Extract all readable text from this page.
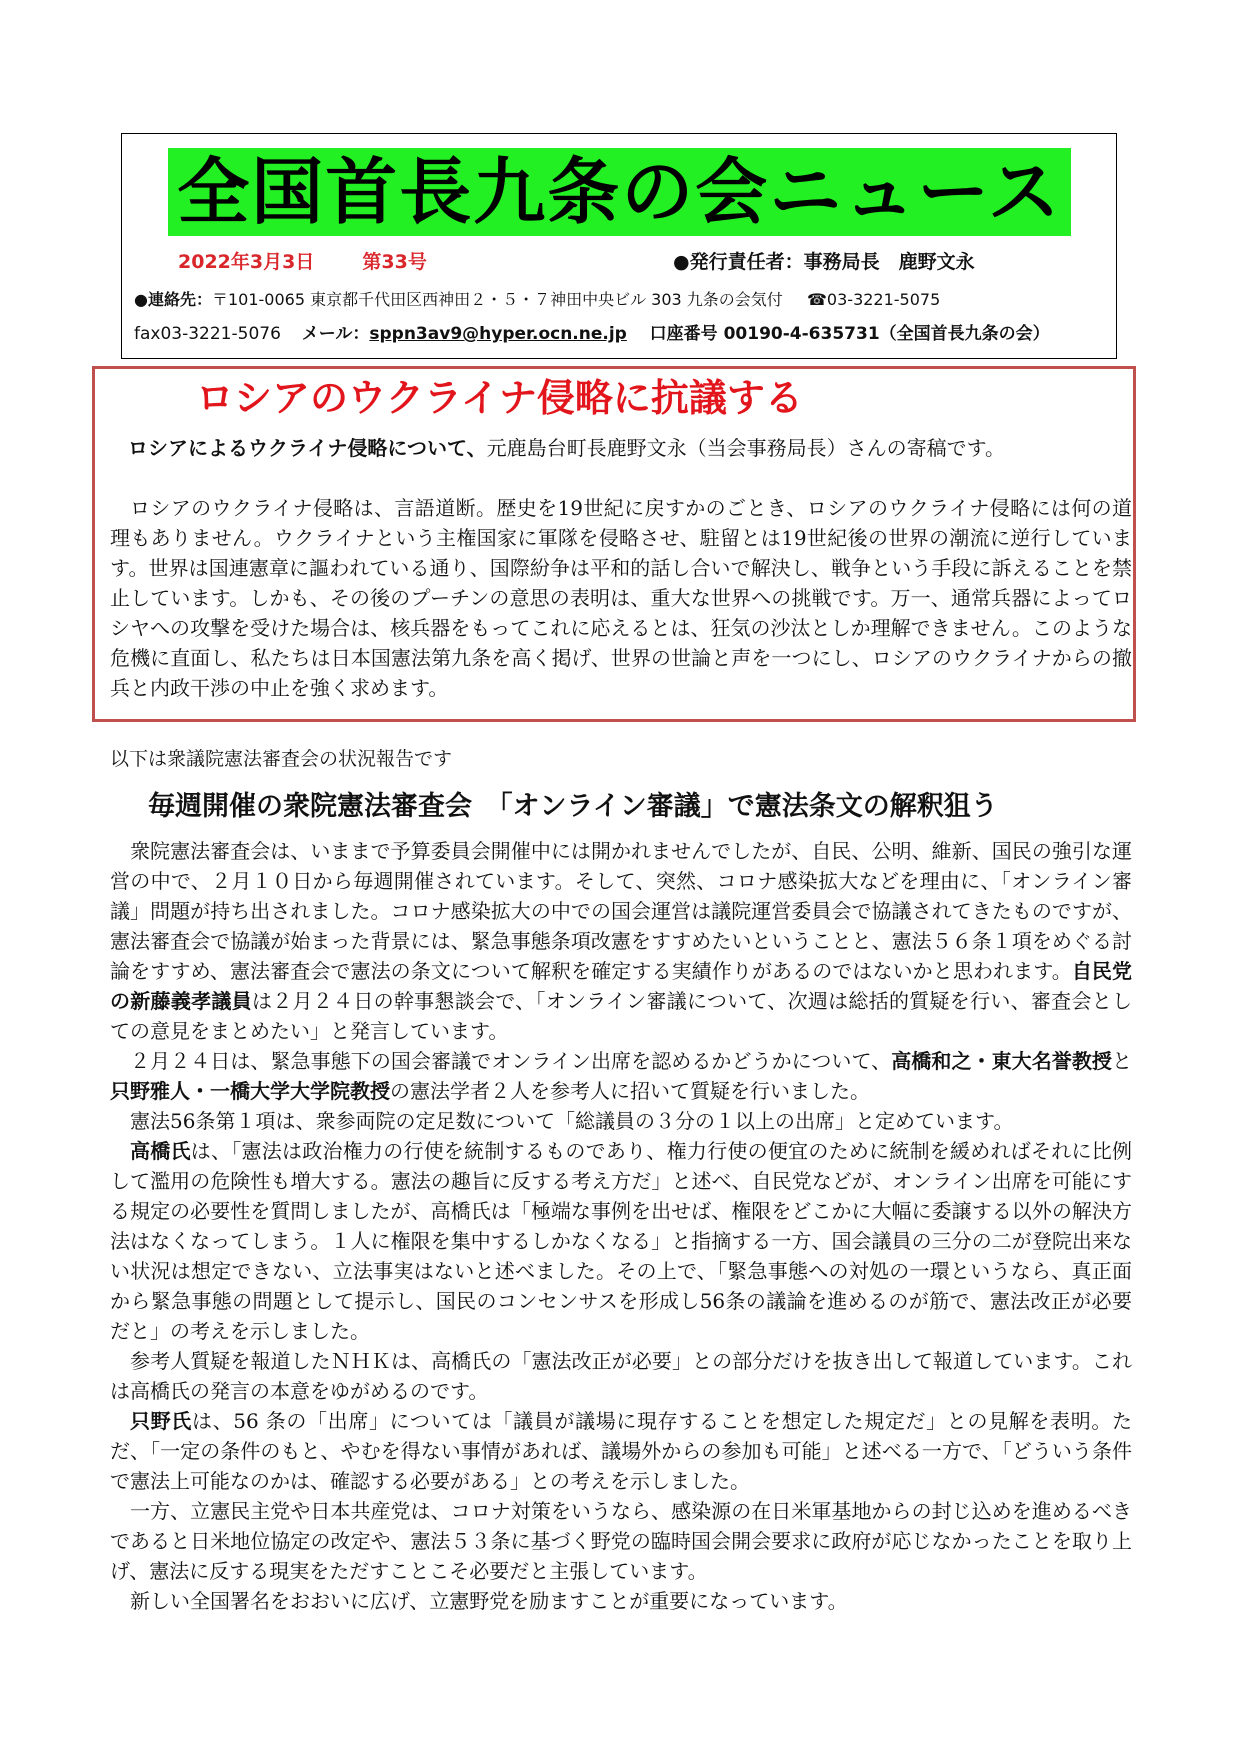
全国首長九条の会ニュース
2022年3月3日	第33号	●発行責任者：事務局長　鹿野文永
●連絡先：〒101-0065 東京都千代田区西神田２・５・７神田中央ビル 303 九条の会気付 ☎03-3221-5075
fax03-3221-5076 メール：sppn3av9@hyper.ocn.ne.jp 口座番号 00190-4-635731（全国首長九条の会）
ロシアのウクライナ侵略に抗議する
ロシアによるウクライナ侵略について、元鹿島台町長鹿野文永（当会事務局長）さんの寄稿です。

ロシアのウクライナ侵略は、言語道断。歴史を19世紀に戻すかのごとき、ロシアのウクライナ侵略には何の道理もありません。ウクライナという主権国家に軍隊を侵略させ、駐留とは19世紀後の世界の潮流に逆行しています。世界は国連憲章に謳われている通り、国際紛争は平和的話し合いで解決し、戦争という手段に訴えることを禁止しています。しかも、その後のプーチンの意思の表明は、重大な世界への挑戦です。万一、通常兵器によってロシヤへの攻撃を受けた場合は、核兵器をもってこれに応えるとは、狂気の沙汰としか理解できません。このような危機に直面し、私たちは日本国憲法第九条を高く掲げ、世界の世論と声を一つにし、ロシアのウクライナからの撤兵と内政干渉の中止を強く求めます。

以下は衆議院憲法審査会の状況報告です
毎週開催の衆院憲法審査会　「オンライン審議」で憲法条文の解釈狙う

衆院憲法審査会は、いままで予算委員会開催中には開かれませんでしたが、自民、公明、維新、国民の強引な運営の中で、２月１０日から毎週開催されています。そして、突然、コロナ感染拡大などを理由に、「オンライン審議」問題が持ち出されました。コロナ感染拡大の中での国会運営は議院運営委員会で協議されてきたものですが、憲法審査会で協議が始まった背景には、緊急事態条項改憲をすすめたいということと、憲法５６条１項をめぐる討論をすすめ、憲法審査会で憲法の条文について解釈を確定する実績作りがあるのではないかと思われます。自民党の新藤義孝議員は２月２４日の幹事懇談会で、「オンライン審議について、次週は総括的質疑を行い、審査会としての意見をまとめたい」と発言しています。

２月２４日は、緊急事態下の国会審議でオンライン出席を認めるかどうかについて、高橋和之・東大名誉教授と只野雅人・一橋大学大学院教授の憲法学者２人を参考人に招いて質疑を行いました。

憲法56条第１項は、衆参両院の定足数について「総議員の３分の１以上の出席」と定めています。

高橋氏は、「憲法は政治権力の行使を統制するものであり、権力行使の便宜のために統制を緩めればそれに比例して濫用の危険性も増大する。憲法の趣旨に反する考え方だ」と述べ、自民党などが、オンライン出席を可能にする規定の必要性を質問しましたが、高橋氏は「極端な事例を出せば、権限をどこかに大幅に委譲する以外の解決方法はなくなってしまう。１人に権限を集中するしかなくなる」と指摘する一方、国会議員の三分の二が登院出来ない状況は想定できない、立法事実はないと述べました。その上で、「緊急事態への対処の一環というなら、真正面から緊急事態の問題として提示し、国民のコンセンサスを形成し56条の議論を進めるのが筋で、憲法改正が必要だと」の考えを示しました。

参考人質疑を報道したＮＨＫは、高橋氏の「憲法改正が必要」との部分だけを抜き出して報道しています。これは高橋氏の発言の本意をゆがめるのです。

只野氏は、56 条の「出席」については「議員が議場に現存することを想定した規定だ」との見解を表明。ただ、「一定の条件のもと、やむを得ない事情があれば、議場外からの参加も可能」と述べる一方で、「どういう条件で憲法上可能なのかは、確認する必要がある」との考えを示しました。

一方、立憲民主党や日本共産党は、コロナ対策をいうなら、感染源の在日米軍基地からの封じ込めを進めるべきであると日米地位協定の改定や、憲法５３条に基づく野党の臨時国会開会要求に政府が応じなかったことを取り上げ、憲法に反する現実をただすことこそ必要だと主張しています。

新しい全国署名をおおいに広げ、立憲野党を励ますことが重要になっています。
